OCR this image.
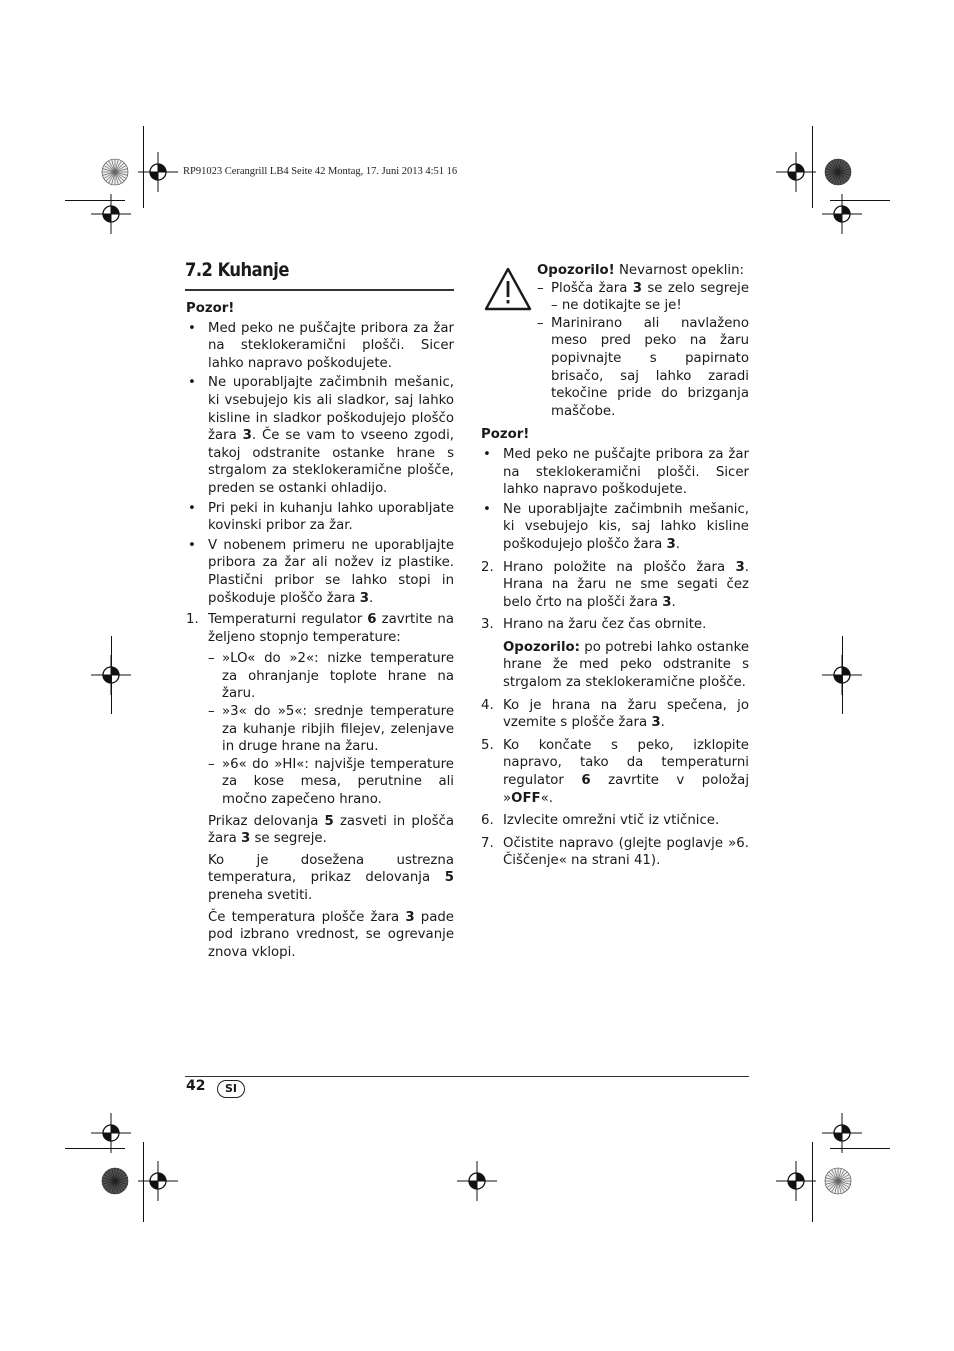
RP91023 Cerangrill LB4 Seite 42 Montag, 17. Juni 2013 4:51 16
7.2 Kuhanje
Pozor!
• Med peko ne puščajte pribora za žar na steklokeramični plošči. Sicer lahko napravo poškodujete.
• Ne uporabljajte začimbnih mešanic, ki vsebujejo kis ali sladkor, saj lahko kisline in sladkor poškodujejo ploščo žara 3. Če se vam to vseeno zgodi, takoj odstranite ostanke hrane s strgalom za steklokeramične plošče, preden se ostanki ohladijo.
• Pri peki in kuhanju lahko uporabljate kovinski pribor za žar.
• V nobenem primeru ne uporabljajte pribora za žar ali nožev iz plastike. Plastični pribor se lahko stopi in poškoduje ploščo žara 3.
1. Temperaturni regulator 6 zavrtite na željeno stopnjo temperature:
– »LO« do »2«: nizke temperature za ohranjanje toplote hrane na žaru.
– »3« do »5«: srednje temperature za kuhanje ribjih filejev, zelenjave in druge hrane na žaru.
– »6« do »HI«: najvišje temperature za kose mesa, perutnine ali močno zapečeno hrano.

Prikaz delovanja 5 zasveti in plošča žara 3 se segreje.

Ko je dosežena ustrezna temperatura, prikaz delovanja 5 preneha svetiti.

Če temperatura plošče žara 3 pade pod izbrano vrednost, se ogrevanje znova vklopi.

Opozorilo! Nevarnost opeklin:
– Plošča žara 3 se zelo segreje – ne dotikajte se je!
– Marinirano ali navlaženo meso pred peko na žaru popivnajte s papirnato brisačo, saj lahko zaradi tekočine pride do brizganja maščobe.
Pozor!
• Med peko ne puščajte pribora za žar na steklokeramični plošči. Sicer lahko napravo poškodujete.
• Ne uporabljajte začimbnih mešanic, ki vsebujejo kis, saj lahko kisline poškodujejo ploščo žara 3.
2. Hrano položite na ploščo žara 3. Hrana na žaru ne sme segati čez belo črto na plošči žara 3.
3. Hrano na žaru čez čas obrnite.

Opozorilo: po potrebi lahko ostanke hrane že med peko odstranite s strgalom za steklokeramične plošče.

4. Ko je hrana na žaru spečena, jo vzemite s plošče žara 3.
5. Ko končate s peko, izklopite napravo, tako da temperaturni regulator 6 zavrtite v položaj »OFF«.
6. Izvlecite omrežni vtič iz vtičnice.
7. Očistite napravo (glejte poglavje »6. Čiščenje« na strani 41).
42	SI
